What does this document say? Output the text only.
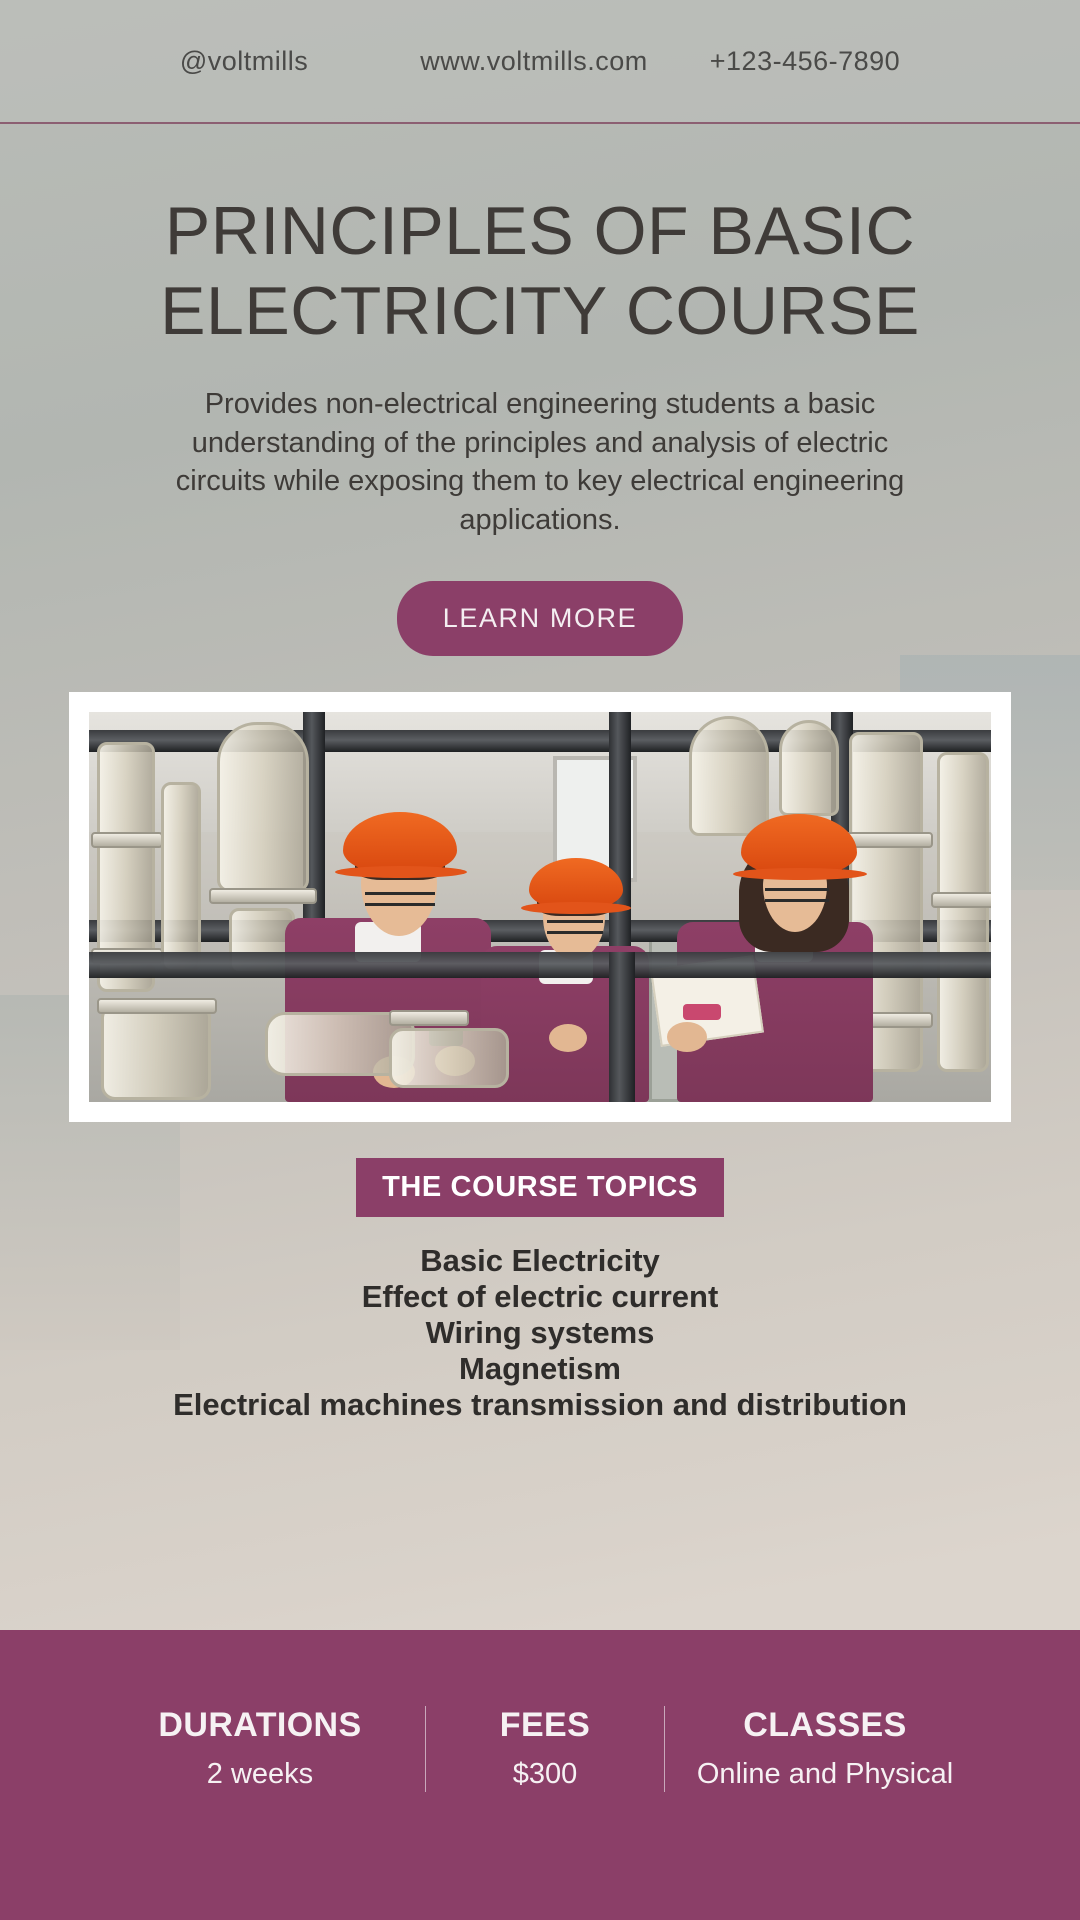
@voltmills	www.voltmills.com +123-456-7890
PRINCIPLES OF BASIC ELECTRICITY COURSE

Provides non-electrical engineering students a basic understanding of the principles and analysis of electric circuits while exposing them to key electrical engineering applications.

LEARN MORE
THE COURSE TOPICS
Basic Electricity
Effect of electric current
Wiring systems
Magnetism
Electrical machines transmission and distribution
DURATIONS
2 weeks
FEES
$300
CLASSES
Online and Physical
